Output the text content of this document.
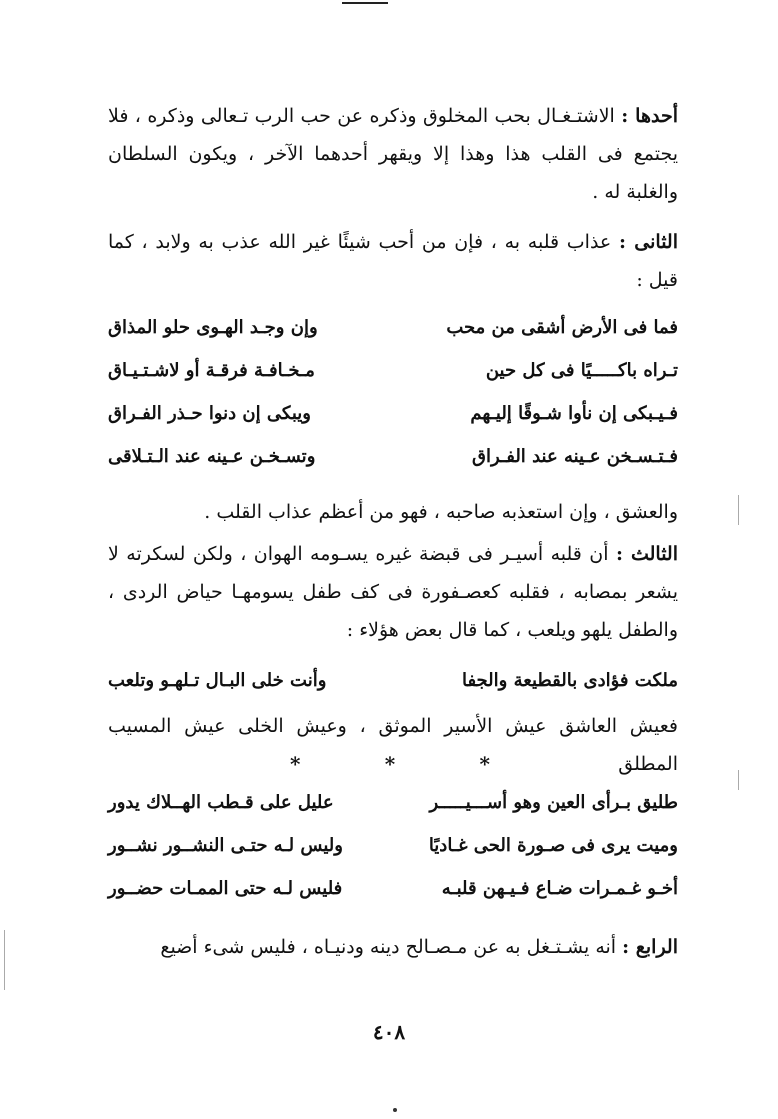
أحدها : الاشتـغـال بحب المخلوق وذكره عن حب الرب تـعالى وذكره ، فلا يجتمع فى القلب هذا وهذا إلا ويقهر أحدهما الآخر ، ويكون السلطان والغلبة له .
الثانى : عذاب قلبه به ، فإن من أحب شيئًا غير الله عذب به ولابد ، كما قيل :
فما فى الأرض أشقى من محب
وإن وجـد الهـوى حلو المذاق
تـراه باكـــــيًا فى كل حين
مـخـافـة فرقـة أو لاشـتـيـاق
فـيـبكى إن نأوا شـوقًا إليـهم
ويبكى إن دنوا حـذر الفـراق
فـتـسـخن عـينه عند الفـراق
وتسـخـن عـينه عند الـتـلاقى
والعشق ، وإن استعذبه صاحبه ، فهو من أعظم عذاب القلب .
الثالث : أن قلبه أسيـر فى قبضة غيره يسـومه الهوان ، ولكن لسكرته لا يشعر بمصابه ، فقلبه كعصـفورة فى كف طفل يسومهـا حياض الردى ، والطفل يلهو ويلعب ، كما قال بعض هؤلاء :
ملكت فؤادى بالقطيعة والجفا
وأنت خلى البـال تـلهـو وتلعب
فعيش العاشق عيش الأسير الموثق ، وعيش الخلى عيش المسيب المطلق
*	*	*
طليق بـرأى العين وهو أســـيـــــر
عليل على قـطب الهــلاك يدور
وميت يرى فى صـورة الحى غـاديًا
وليس لـه حتـى النشــور نشــور
أخـو غـمـرات ضـاع فـيـهن قلبـه
فليس لـه حتى الممـات حضــور
الرابع : أنه يشـتـغل به عن مـصـالح دينه ودنيـاه ، فليس شىء أضيع
٤٠٨
